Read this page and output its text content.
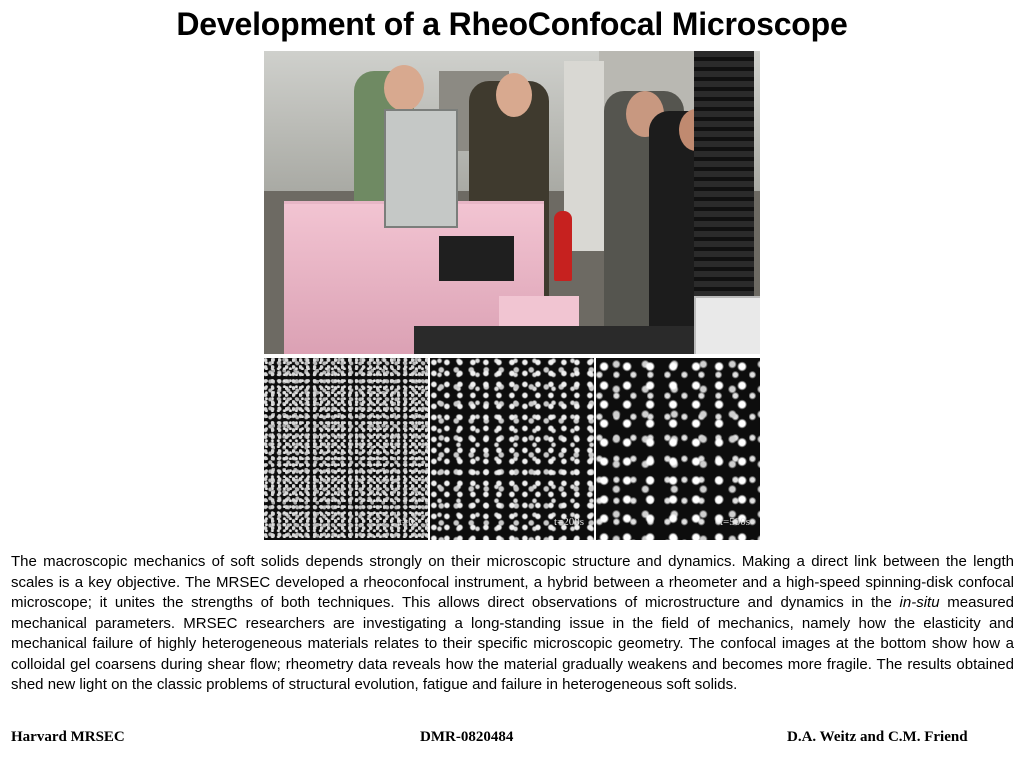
Development of a RheoConfocal Microscope
t=0s	t=200s	t=500s
The macroscopic mechanics of soft solids depends strongly on their microscopic structure and dynamics. Making a direct link between the length scales is a key objective. The MRSEC developed a rheoconfocal instrument, a hybrid between a rheometer and a high-speed spinning-disk confocal microscope; it unites the strengths of both techniques. This allows direct observations of microstructure and dynamics in the in-situ measured mechanical parameters. MRSEC researchers are investigating a long-standing issue in the field of mechanics, namely how the elasticity and mechanical failure of highly heterogeneous materials relates to their specific microscopic geometry. The confocal images at the bottom show how a colloidal gel coarsens during shear flow; rheometry data reveals how the material gradually weakens and becomes more fragile. The results obtained shed new light on the classic problems of structural evolution, fatigue and failure in heterogeneous soft solids.
Harvard MRSEC	DMR-0820484	D.A. Weitz and C.M. Friend
